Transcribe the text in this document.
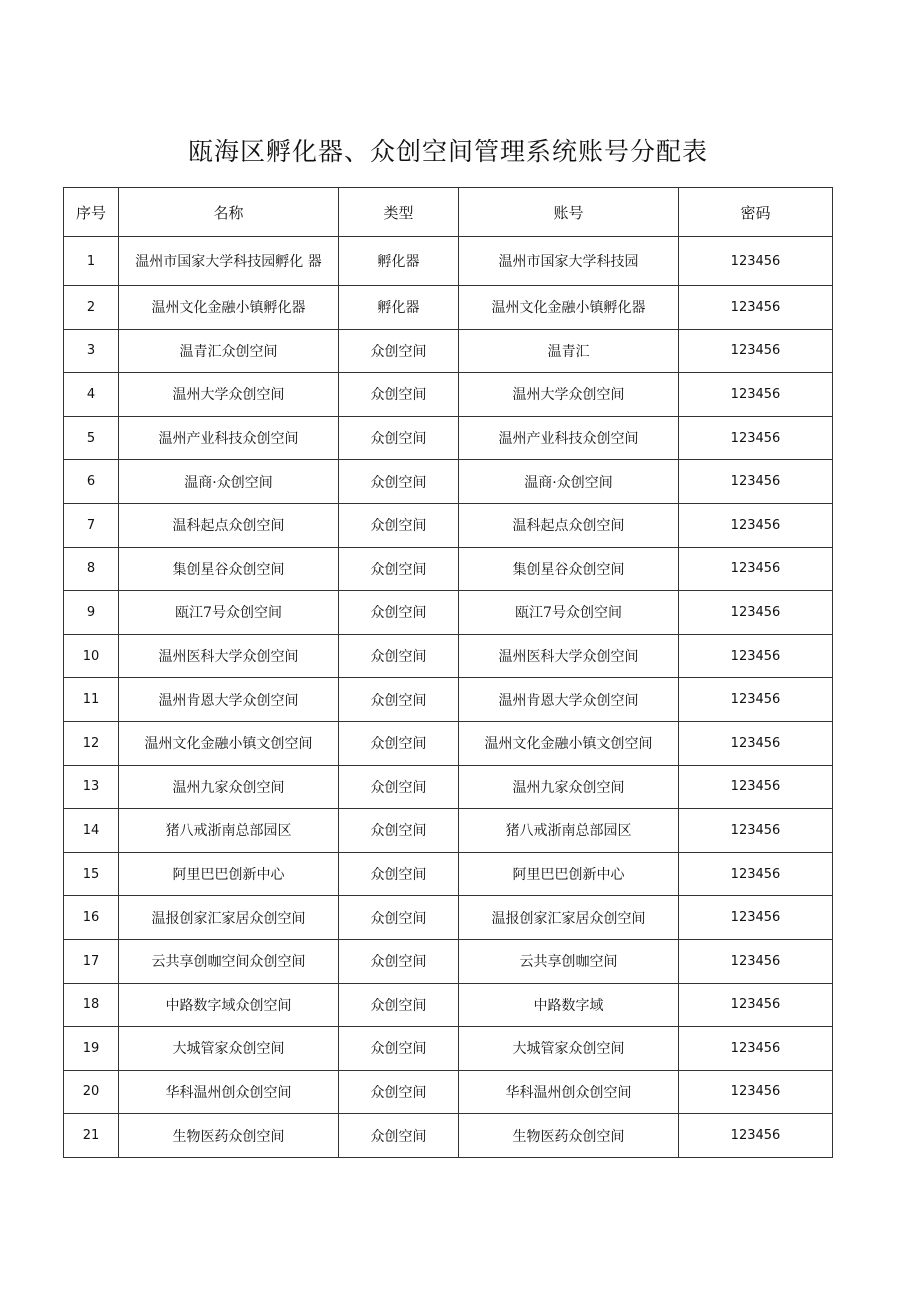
瓯海区孵化器、众创空间管理系统账号分配表
序号	名称	类型	账号	密码
1	温州市国家大学科技园孵化 器	孵化器	温州市国家大学科技园	123456
2	温州文化金融小镇孵化器	孵化器	温州文化金融小镇孵化器	123456
3	温青汇众创空间	众创空间	温青汇	123456
4	温州大学众创空间	众创空间	温州大学众创空间	123456
5	温州产业科技众创空间	众创空间	温州产业科技众创空间	123456
6	温商·众创空间	众创空间	温商·众创空间	123456
7	温科起点众创空间	众创空间	温科起点众创空间	123456
8	集创星谷众创空间	众创空间	集创星谷众创空间	123456
9	瓯江7号众创空间	众创空间	瓯江7号众创空间	123456
10	温州医科大学众创空间	众创空间	温州医科大学众创空间	123456
11	温州肯恩大学众创空间	众创空间	温州肯恩大学众创空间	123456
12	温州文化金融小镇文创空间	众创空间	温州文化金融小镇文创空间	123456
13	温州九家众创空间	众创空间	温州九家众创空间	123456
14	猪八戒浙南总部园区	众创空间	猪八戒浙南总部园区	123456
15	阿里巴巴创新中心	众创空间	阿里巴巴创新中心	123456
16	温报创家汇家居众创空间	众创空间	温报创家汇家居众创空间	123456
17	云共享创咖空间众创空间	众创空间	云共享创咖空间	123456
18	中路数字域众创空间	众创空间	中路数字域	123456
19	大城管家众创空间	众创空间	大城管家众创空间	123456
20	华科温州创众创空间	众创空间	华科温州创众创空间	123456
21	生物医药众创空间	众创空间	生物医药众创空间	123456
